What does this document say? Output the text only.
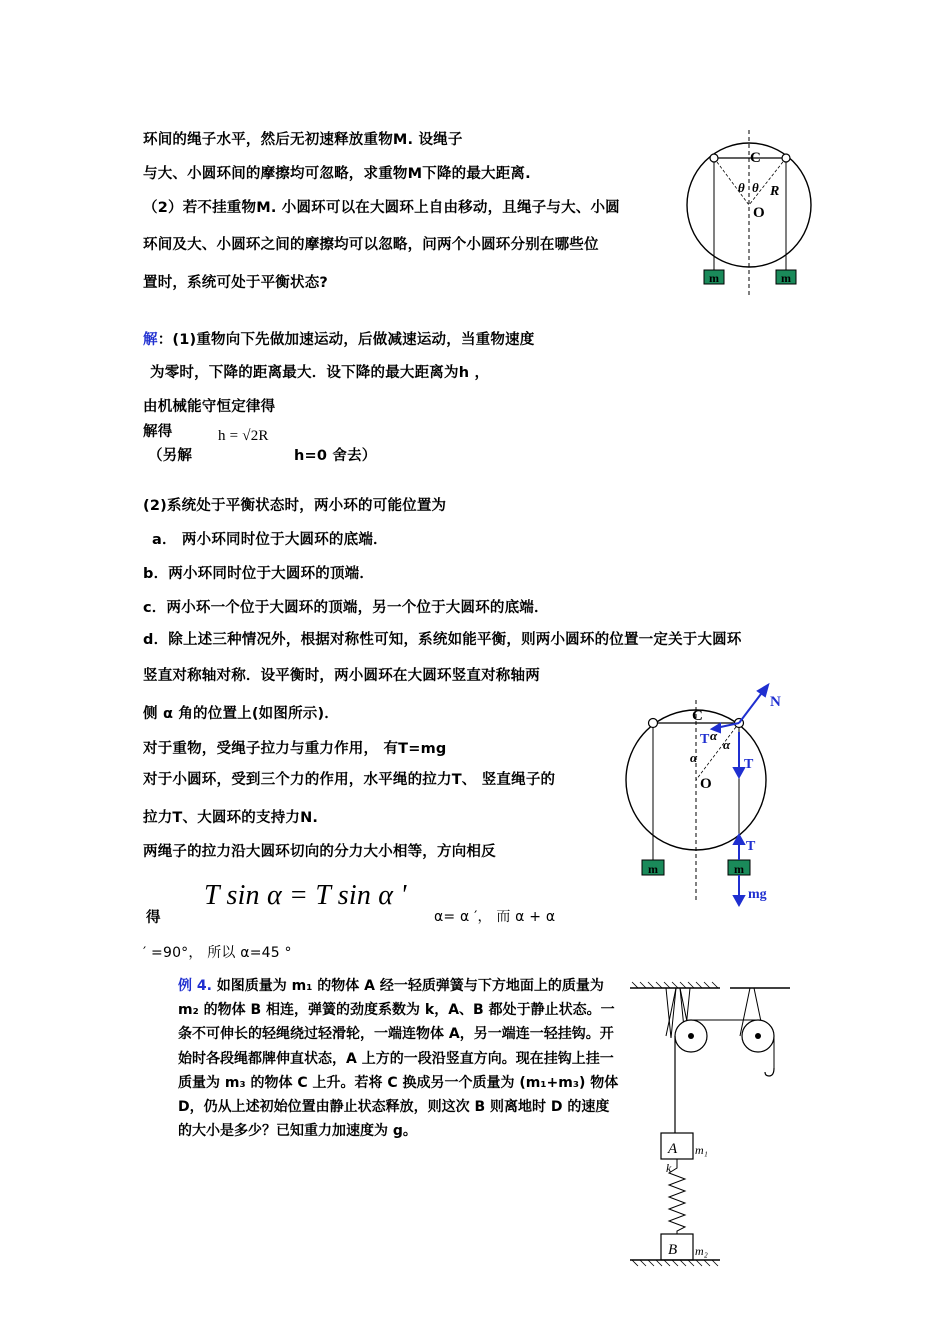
环间的绳子水平，然后无初速释放重物M. 设绳子
与大、小圆环间的摩擦均可忽略，求重物M下降的最大距离.
（2）若不挂重物M. 小圆环可以在大圆环上自由移动，且绳子与大、小圆
环间及大、小圆环之间的摩擦均可以忽略，问两个小圆环分别在哪些位
置时，系统可处于平衡状态?
解：(1)重物向下先做加速运动，后做减速运动，当重物速度
为零时，下降的距离最大．设下降的最大距离为h ，
由机械能守恒定律得
解得	h = √2R
（另解	h=0 舍去）
(2)系统处于平衡状态时，两小环的可能位置为
a． 两小环同时位于大圆环的底端．
b．两小环同时位于大圆环的顶端．
c．两小环一个位于大圆环的顶端，另一个位于大圆环的底端．
d．除上述三种情况外，根据对称性可知，系统如能平衡，则两小圆环的位置一定关于大圆环
竖直对称轴对称．设平衡时，两小圆环在大圆环竖直对称轴两
侧 α 角的位置上(如图所示)．
对于重物，受绳子拉力与重力作用， 有T=mg
对于小圆环，受到三个力的作用，水平绳的拉力T、 竖直绳子的
拉力T、大圆环的支持力N.
两绳子的拉力沿大圆环切向的分力大小相等，方向相反
得
T sin α = T sin α '
α= α ′， 而 α + α
′ =90°， 所以 α=45 °
例 4. 如图质量为 m₁ 的物体 A 经一轻质弹簧与下方地面上的质量为 m₂ 的物体 B 相连，弹簧的劲度系数为 k，A、B 都处于静止状态。一条不可伸长的轻绳绕过轻滑轮，一端连物体 A，另一端连一轻挂钩。开始时各段绳都牌伸直状态，A 上方的一段沿竖直方向。现在挂钩上挂一质量为 m₃ 的物体 C 上升。若将 C 换成另一个质量为 (m₁+m₃) 物体 D，仍从上述初始位置由静止状态释放，则这次 B 则离地时 D 的速度的大小是多少？已知重力加速度为 g。
m	m
C
O
θ θ R
m	m
C
O
N
T
T
T
mg
α
α
α
A m₁
k
B m₂
